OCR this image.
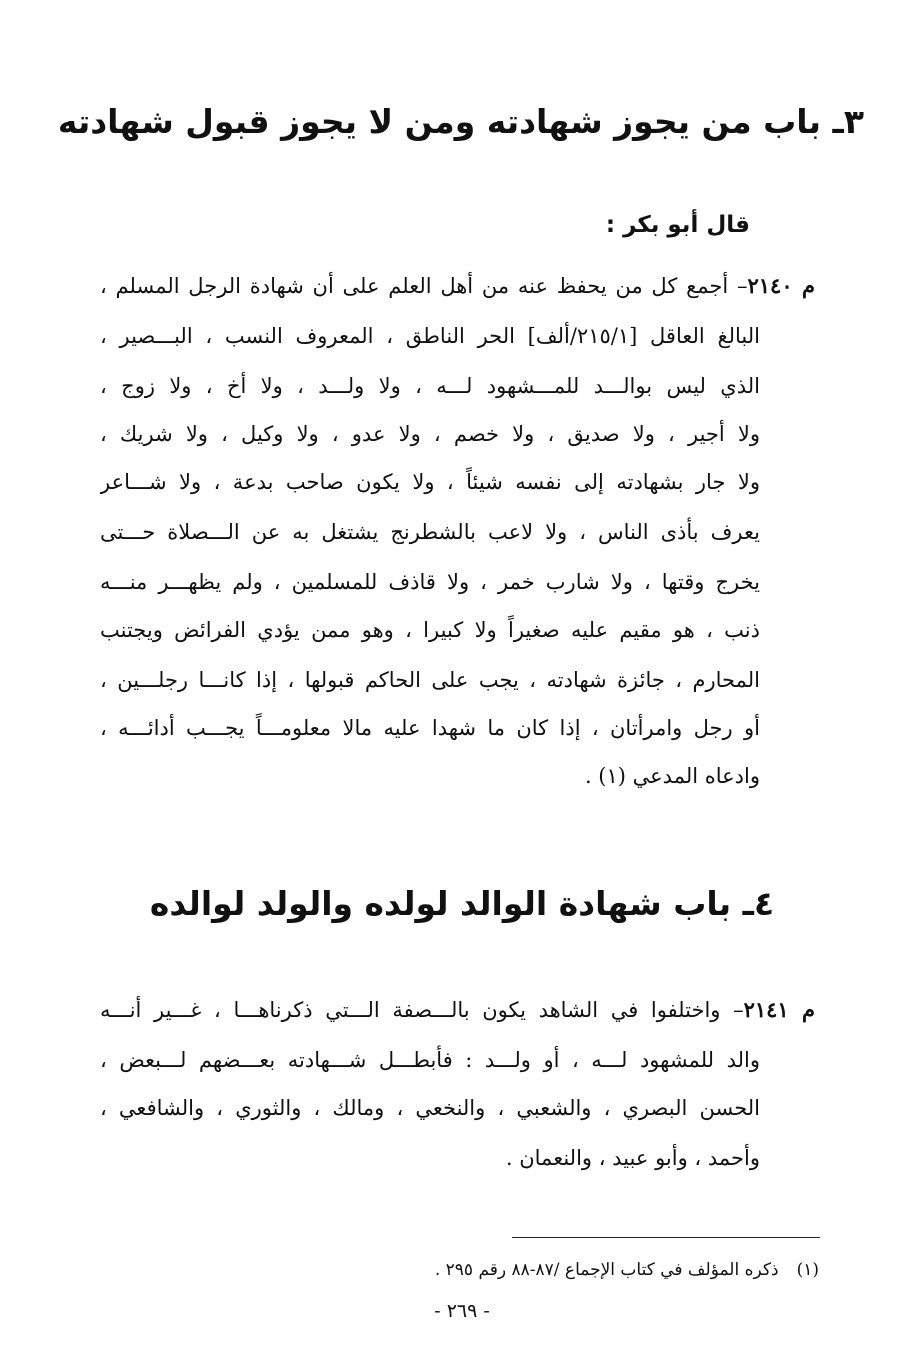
٣ـ باب من يجوز شهادته ومن لا يجوز قبول شهادته
قال أبو بكر :
م ٢١٤٠– أجمع كل من يحفظ عنه من أهل العلم على أن شهادة الرجل المسلم ،
البالغ العاقل [٢١٥/١/ألف] الحر الناطق ، المعروف النسب ، البـــصير ،
الذي ليس بوالـــد للمـــشهود لـــه ، ولا ولـــد ، ولا أخ ، ولا زوج ،
ولا أجير ، ولا صديق ، ولا خصم ، ولا عدو ، ولا وكيل ، ولا شريك ،
ولا جار بشهادته إلى نفسه شيئاً ، ولا يكون صاحب بدعة ، ولا شـــاعر
يعرف بأذى الناس ، ولا لاعب بالشطرنج يشتغل به عن الـــصلاة حـــتى
يخرج وقتها ، ولا شارب خمر ، ولا قاذف للمسلمين ، ولم يظهـــر منـــه
ذنب ، هو مقيم عليه صغيراً ولا كبيرا ، وهو ممن يؤدي الفرائض ويجتنب
المحارم ، جائزة شهادته ، يجب على الحاكم قبولها ، إذا كانـــا رجلـــين ،
أو رجل وامرأتان ، إذا كان ما شهدا عليه مالا معلومـــاً يجـــب أدائـــه ،
وادعاه المدعي (١) .
٤ـ باب شهادة الوالد لولده والولد لوالده
م ٢١٤١– واختلفوا في الشاهد يكون بالـــصفة الـــتي ذكرناهـــا ، غـــير أنـــه
والد للمشهود لـــه ، أو ولـــد : فأبطـــل شـــهادته بعـــضهم لـــبعض ،
الحسن البصري ، والشعبي ، والنخعي ، ومالك ، والثوري ، والشافعي ،
وأحمد ، وأبو عبيد ، والنعمان .
(١)ذكره المؤلف في كتاب الإجماع /٨٧-٨٨ رقم ٢٩٥ .
- ٢٦٩ -
